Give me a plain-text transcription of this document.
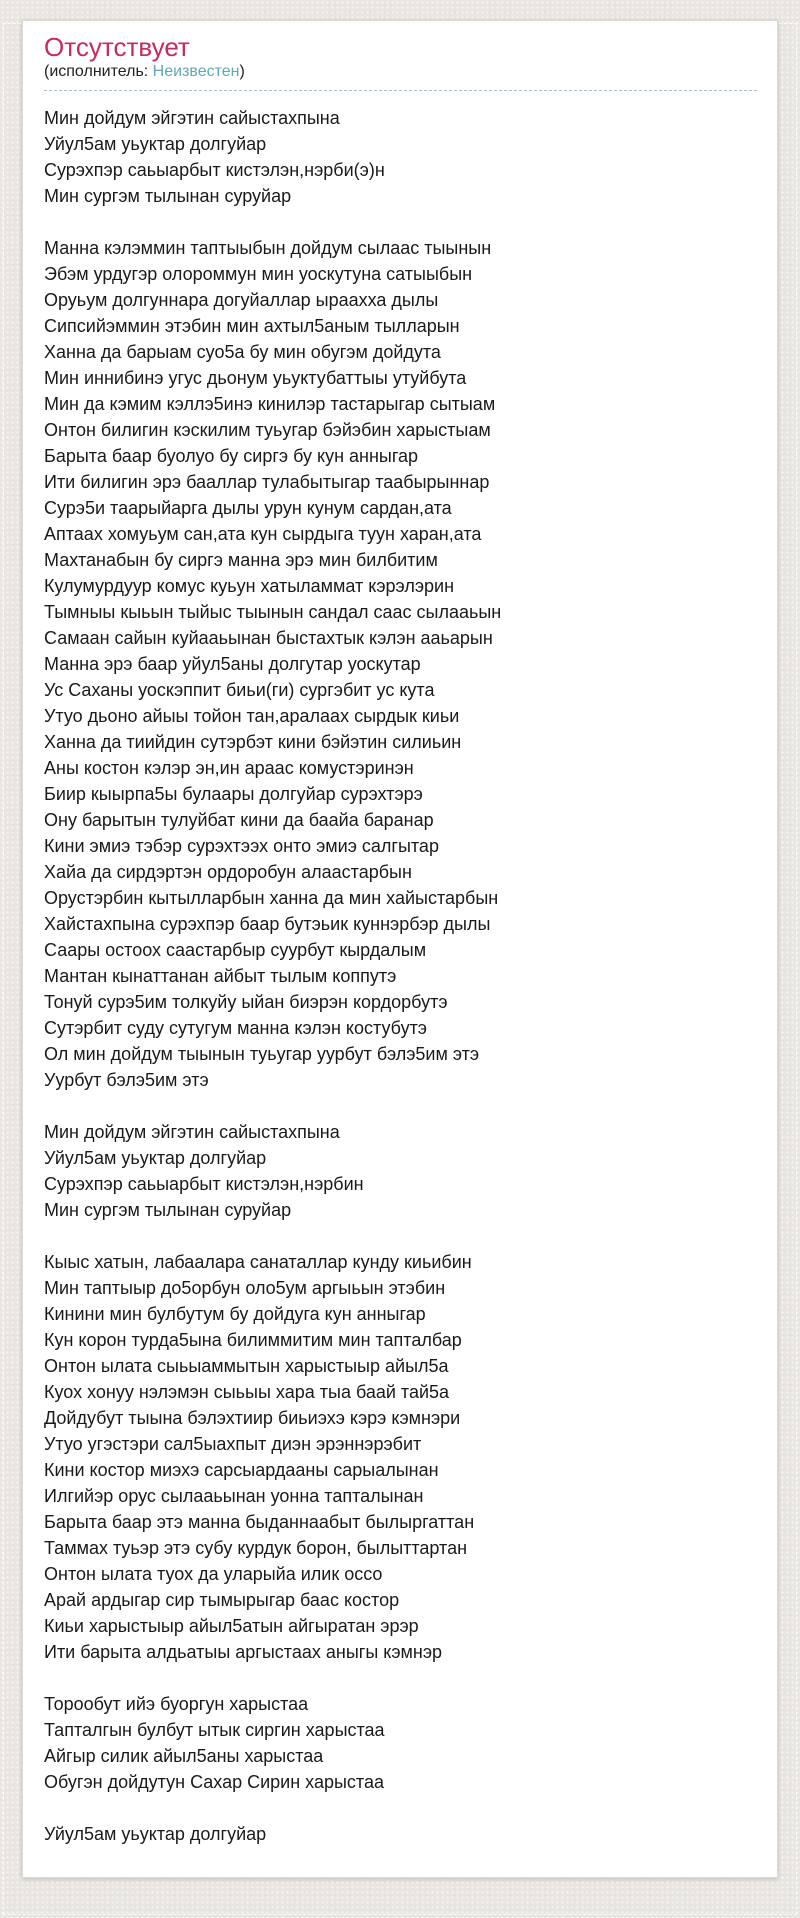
Отсутствует
(исполнитель: Неизвестен)
Мин дойдум эйгэтин сайыстахпына
Уйул5ам уьуктар долгуйар
Сурэхпэр саьыарбыт кистэлэн,нэрби(э)н
Мин сургэм тылынан суруйар
Манна кэлэммин таптыыбын дойдум сылаас тыынын
Эбэм урдугэр олороммун мин уоскутуна сатыыбын
Оруьум долгуннара догуйаллар ыраахха дылы
Сипсийэммин этэбин мин ахтыл5аным тылларын
Ханна да барыам суо5а бу мин обугэм дойдута
Мин иннибинэ угус дьонум уьуктубаттыы утуйбута
Мин да кэмим кэллэ5инэ кинилэр тастарыгар сытыам
Онтон билигин кэскилим туьугар бэйэбин харыстыам
Барыта баар буолуо бу сиргэ бу кун анныгар
Ити билигин эрэ бааллар тулабытыгар таабырыннар
Сурэ5и таарыйарга дылы урун кунум сардан,ата
Аптаах хомуьум сан,ата кун сырдыга туун харан,ата
Махтанабын бу сиргэ манна эрэ мин билбитим
Кулумурдуур комус куьун хатыламмат кэрэлэрин
Тымныы кыьын тыйыс тыынын сандал саас сылааьын
Самаан сайын куйааьынан быстахтык кэлэн ааьарын
Манна эрэ баар уйул5аны долгутар уоскутар
Ус Саханы уоскэппит биьи(ги) сургэбит ус кута
Утуо дьоно айыы тойон тан,аралаах сырдык киьи
Ханна да тиийдин сутэрбэт кини бэйэтин силиьин
Аны костон кэлэр эн,ин араас комустэринэн
Биир кыырпа5ы булаары долгуйар сурэхтэрэ
Ону барытын тулуйбат кини да баайа баранар
Кини эмиэ тэбэр сурэхтээх онто эмиэ салгытар
Хайа да сирдэртэн ордоробун алаастарбын
Орустэрбин кытылларбын ханна да мин хайыстарбын
Хайстахпына сурэхпэр баар бутэьик куннэрбэр дылы
Саары остоох саастарбыр суурбут кырдалым
Мантан кынаттанан айбыт тылым коппутэ
Тонуй сурэ5им толкуйу ыйан биэрэн кордорбутэ
Сутэрбит суду сутугум манна кэлэн костубутэ
Ол мин дойдум тыынын туьугар уурбут бэлэ5им этэ
Уурбут бэлэ5им этэ
Мин дойдум эйгэтин сайыстахпына
Уйул5ам уьуктар долгуйар
Сурэхпэр саьыарбыт кистэлэн,нэрбин
Мин сургэм тылынан суруйар
Кыыс хатын, лабаалара санаталлар кунду киьибин
Мин таптыыр до5орбун оло5ум аргыьын этэбин
Кинини мин булбутум бу дойдуга кун анныгар
Кун корон турда5ына билиммитим мин тапталбар
Онтон ылата сыьыаммытын харыстыыр айыл5а
Куох хонуу нэлэмэн сыьыы хара тыа баай тай5а
Дойдубут тыына бэлэхтиир биьиэхэ кэрэ кэмнэри
Утуо угэстэри сал5ыахпыт диэн эрэннэрэбит
Кини костор миэхэ сарсыардааны сарыалынан
Илгийэр орус сылааьынан уонна тапталынан
Барыта баар этэ манна быданнаабыт былыргаттан
Таммах туьэр этэ субу курдук борон, былыттартан
Онтон ылата туох да уларыйа илик оссо
Арай ардыгар сир тымырыгар баас костор
Киьи харыстыыр айыл5атын айгыратан эрэр
Ити барыта алдьатыы аргыстаах аныгы кэмнэр
Торообут ийэ буоргун харыстаа
Тапталгын булбут ытык сиргин харыстаа
Айгыр силик айыл5аны харыстаа
Обугэн дойдутун Сахар Сирин харыстаа
Уйул5ам уьуктар долгуйар
